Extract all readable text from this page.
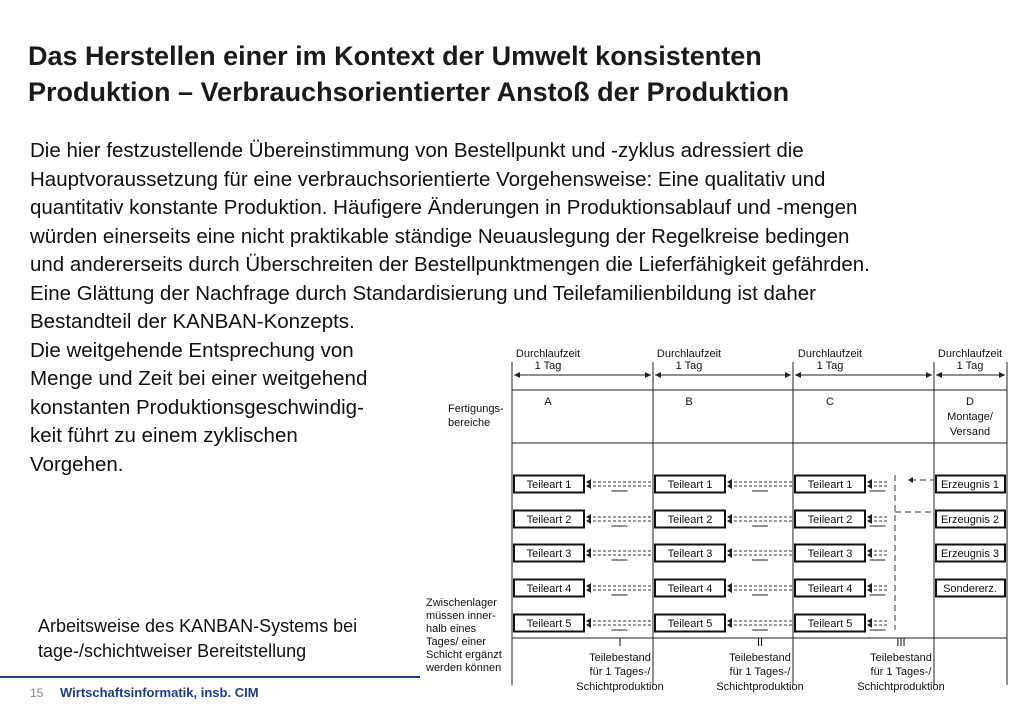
Das Herstellen einer im Kontext der Umwelt konsistenten
Produktion – Verbrauchsorientierter Anstoß der Produktion
Die hier festzustellende Übereinstimmung von Bestellpunkt und -zyklus adressiert die
Hauptvoraussetzung für eine verbrauchsorientierte Vorgehensweise: Eine qualitativ und
quantitativ konstante Produktion. Häufigere Änderungen in Produktionsablauf und -mengen
würden einerseits eine nicht praktikable ständige Neuauslegung der Regelkreise bedingen
und andererseits durch Überschreiten der Bestellpunktmengen die Lieferfähigkeit gefährden.
Eine Glättung der Nachfrage durch Standardisierung und Teilefamilienbildung ist daher
Bestandteil der KANBAN-Konzepts.
Die weitgehende Entsprechung von
Menge und Zeit bei einer weitgehend
konstanten Produktionsgeschwindig-
keit führt zu einem zyklischen
Vorgehen.
Arbeitsweise des KANBAN-Systems bei
tage-/schichtweiser Bereitstellung
Durchlaufzeit
1 Tag
Durchlaufzeit
1 Tag
Durchlaufzeit
1 Tag
Durchlaufzeit
1 Tag
Fertigungs-
bereiche
A	B	C	D
Montage/
Versand
Teileart 1
Teileart 2
Teileart 3
Teileart 4
Teileart 5
Teileart 1
Teileart 2
Teileart 3
Teileart 4
Teileart 5
Teileart 1
Teileart 2
Teileart 3
Teileart 4
Teileart 5
Erzeugnis 1
Erzeugnis 2
Erzeugnis 3
Sondererz.
Zwischenlager
müssen inner-
halb eines
Tages/ einer
Schicht ergänzt
werden können
I
Teilebestand
für 1 Tages-/
Schichtproduktion
II
Teilebestand
für 1 Tages-/
Schichtproduktion
III
Teilebestand
für 1 Tages-/
Schichtproduktion
15 Wirtschaftsinformatik, insb. CIM
